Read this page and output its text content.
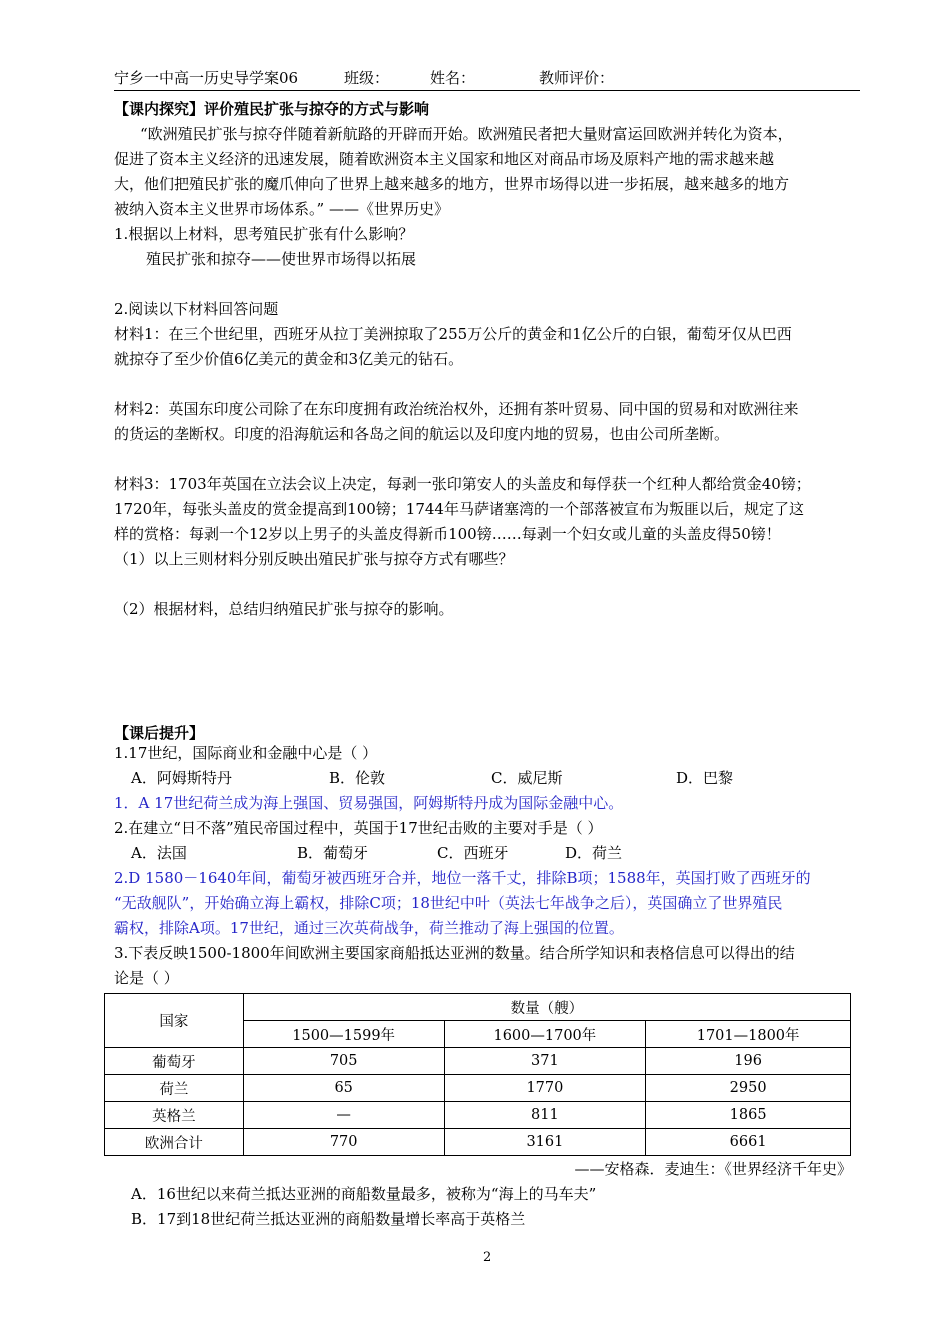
宁乡一中高一历史导学案06	班级：	姓名：	教师评价：
【课内探究】评价殖民扩张与掠夺的方式与影响
“欧洲殖民扩张与掠夺伴随着新航路的开辟而开始。欧洲殖民者把大量财富运回欧洲并转化为资本，
促进了资本主义经济的迅速发展，随着欧洲资本主义国家和地区对商品市场及原料产地的需求越来越
大，他们把殖民扩张的魔爪伸向了世界上越来越多的地方，世界市场得以进一步拓展，越来越多的地方
被纳入资本主义世界市场体系。” ——《世界历史》
1.根据以上材料，思考殖民扩张有什么影响？
殖民扩张和掠夺——使世界市场得以拓展
2.阅读以下材料回答问题
材料1：在三个世纪里，西班牙从拉丁美洲掠取了255万公斤的黄金和1亿公斤的白银，葡萄牙仅从巴西
就掠夺了至少价值6亿美元的黄金和3亿美元的钻石。
材料2：英国东印度公司除了在东印度拥有政治统治权外，还拥有茶叶贸易、同中国的贸易和对欧洲往来
的货运的垄断权。印度的沿海航运和各岛之间的航运以及印度内地的贸易，也由公司所垄断。
材料3：1703年英国在立法会议上决定，每剥一张印第安人的头盖皮和每俘获一个红种人都给赏金40镑；
1720年，每张头盖皮的赏金提高到100镑；1744年马萨诸塞湾的一个部落被宣布为叛匪以后，规定了这
样的赏格：每剥一个12岁以上男子的头盖皮得新币100镑……每剥一个妇女或儿童的头盖皮得50镑！
（1）以上三则材料分别反映出殖民扩张与掠夺方式有哪些？
（2）根据材料，总结归纳殖民扩张与掠夺的影响。
【课后提升】
1.17世纪，国际商业和金融中心是（ ）
A．阿姆斯特丹	B．伦敦	C．威尼斯	D．巴黎
1．A 17世纪荷兰成为海上强国、贸易强国，阿姆斯特丹成为国际金融中心。
2.在建立“日不落”殖民帝国过程中，英国于17世纪击败的主要对手是（ ）
A．法国	B．葡萄牙	C．西班牙	D．荷兰
2.D 1580－1640年间，葡萄牙被西班牙合并，地位一落千丈，排除B项；1588年，英国打败了西班牙的
“无敌舰队”，开始确立海上霸权，排除C项；18世纪中叶（英法七年战争之后），英国确立了世界殖民
霸权，排除A项。17世纪，通过三次英荷战争，荷兰推动了海上强国的位置。
3.下表反映1500-1800年间欧洲主要国家商船抵达亚洲的数量。结合所学知识和表格信息可以得出的结
论是（ ）
国家	数量（艘）		
	1500—1599年	1600—1700年	1701—1800年
葡萄牙	705	371	196
荷兰	65	1770	2950
英格兰	—	811	1865
欧洲合计	770	3161	6661
——安格森．麦迪生：《世界经济千年史》
A．16世纪以来荷兰抵达亚洲的商船数量最多，被称为“海上的马车夫”
B．17到18世纪荷兰抵达亚洲的商船数量增长率高于英格兰
2
